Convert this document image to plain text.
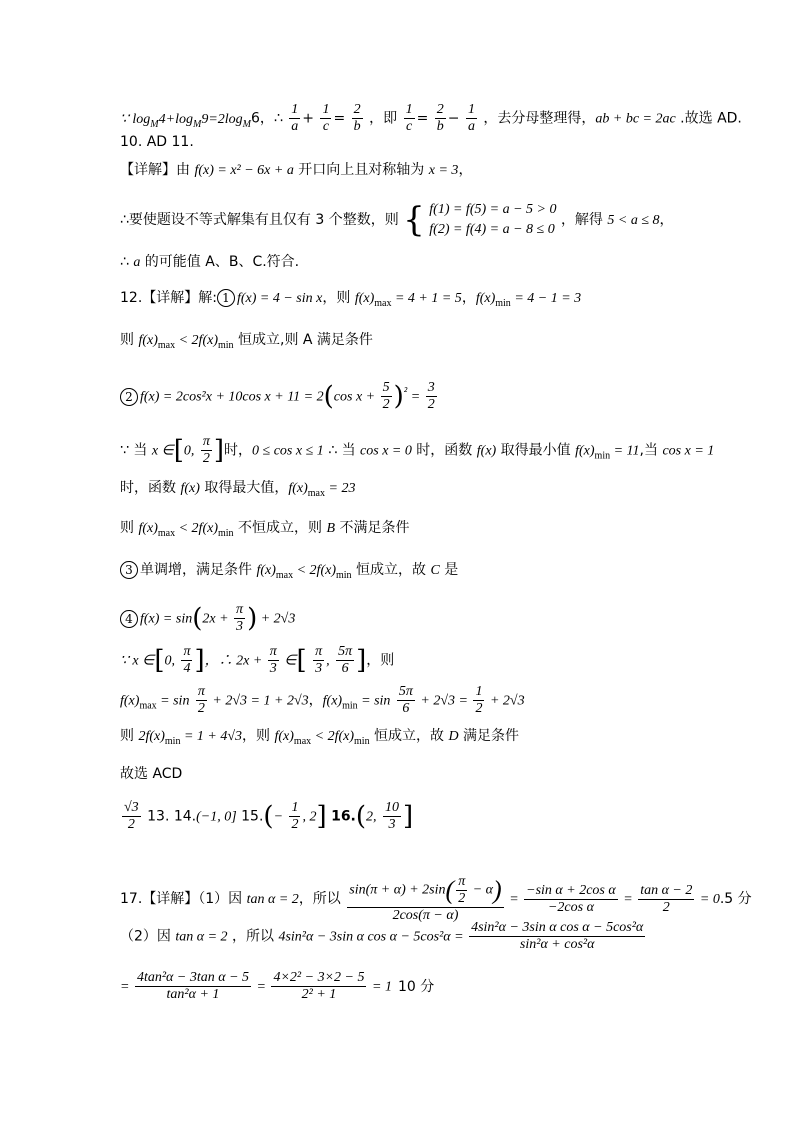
∵ $\log_M4+\log_M9=2\log_M6$，∴ $\frac{1}{a} + \frac{1}{c} = \frac{2}{b}$ ，即 $\frac{1}{c} = \frac{2}{b} - \frac{1}{a}$ ，去分母整理得，ab + bc = 2ac .故选 AD.
10. AD 11.
【详解】由 f(x) = x² − 6x + a 开口向上且对称轴为 x = 3，
∴要使题设不等式解集有且仅有 3 个整数，则 { f(1) = f(5) = a − 5 > 0
f(2) = f(4) = a − 8 ≤ 0
，解得 5 < a ≤ 8，
∴ a 的可能值 A、B、C.符合.
12.【详解】解: 1 f(x) = 4 − sin x，则 $f(x)_{max} = 4 + 1 = 5$，$f(x)_{min} = 4 - 1 = 3$
则 $f(x)_{max} < 2f(x)_{min}$ 恒成立,则 A 满足条件
2 f(x) = 2cos²x + 10cos x + 11 = 2(cos $x + \frac{5}{2} )^{^2} = \frac{3}{2}$
∵ 当 x ∈[0, $\frac{\pi}{2}$ ]时，0 ≤ cos x ≤ 1 ∴ 当 cos x = 0 时，函数 f(x) 取得最小值 $f(x)_{min} = 11$,当 cos x = 1
时，函数 f(x) 取得最大值，$f(x)_{max} = 23$
则 $f(x)_{max} < 2f(x)_{min}$ 不恒成立，则 B 不满足条件
3 单调增，满足条件 $f(x)_{max} < 2f(x)_{min}$ 恒成立，故 C 是
4 $f(x) = \sin(2x + \frac{\pi}{3}$ ) + 2√3
∵ x ∈[0, $\frac{\pi}{4}$ ]，∴ $2x + \frac{\pi}{3}$ ∈[ $\frac{\pi}{3}$ , $\frac{5\pi}{6}$ ]，则
$f(x)_{max} = \sin \frac{\pi}{2} + 2√3 = 1 + 2√3$，$f(x)_{min} = \sin \frac{5\pi}{6} + 2√3 = \frac{1}{2} + 2√3$
则 $2f(x)_{min} = 1 + 4√3$，则 $f(x)_{max} < 2f(x)_{min}$ 恒成立，故 D 满足条件
故选 ACD
$\frac{√3}{2} 13$. 14.(−1, 0] $15.(- \frac{1}{2}$ , 2] 16.(2, $\frac{10}{3}$ ]
17.【详解】（1）因 tan α = 2，所以 $\frac{\sin(\pi + \alpha) + 2\sin( \frac{\pi}{2} - \alpha)}{2\cos(\pi - \alpha)} = \frac{\text{−sin α + 2cos α}}{\text{−2cos α}} = \frac{\text{tan α − 2}}{2} = 0.5$ 分
（2）因 tan α = 2 ，所以 4sin²α − 3sin α $\cos \alpha - 5\cos^2\alpha = \frac{\text{4sin²α − 3sin α cos α − 5cos²α}}{\text{sin²α + cos²α}}$
= $\frac{\text{4tan²α − 3tan α − 5}}{\text{tan²α + 1}} = \frac{\text{4×2² − 3×2 − 5}}{\text{2² + 1}} = 1$ 10 分
